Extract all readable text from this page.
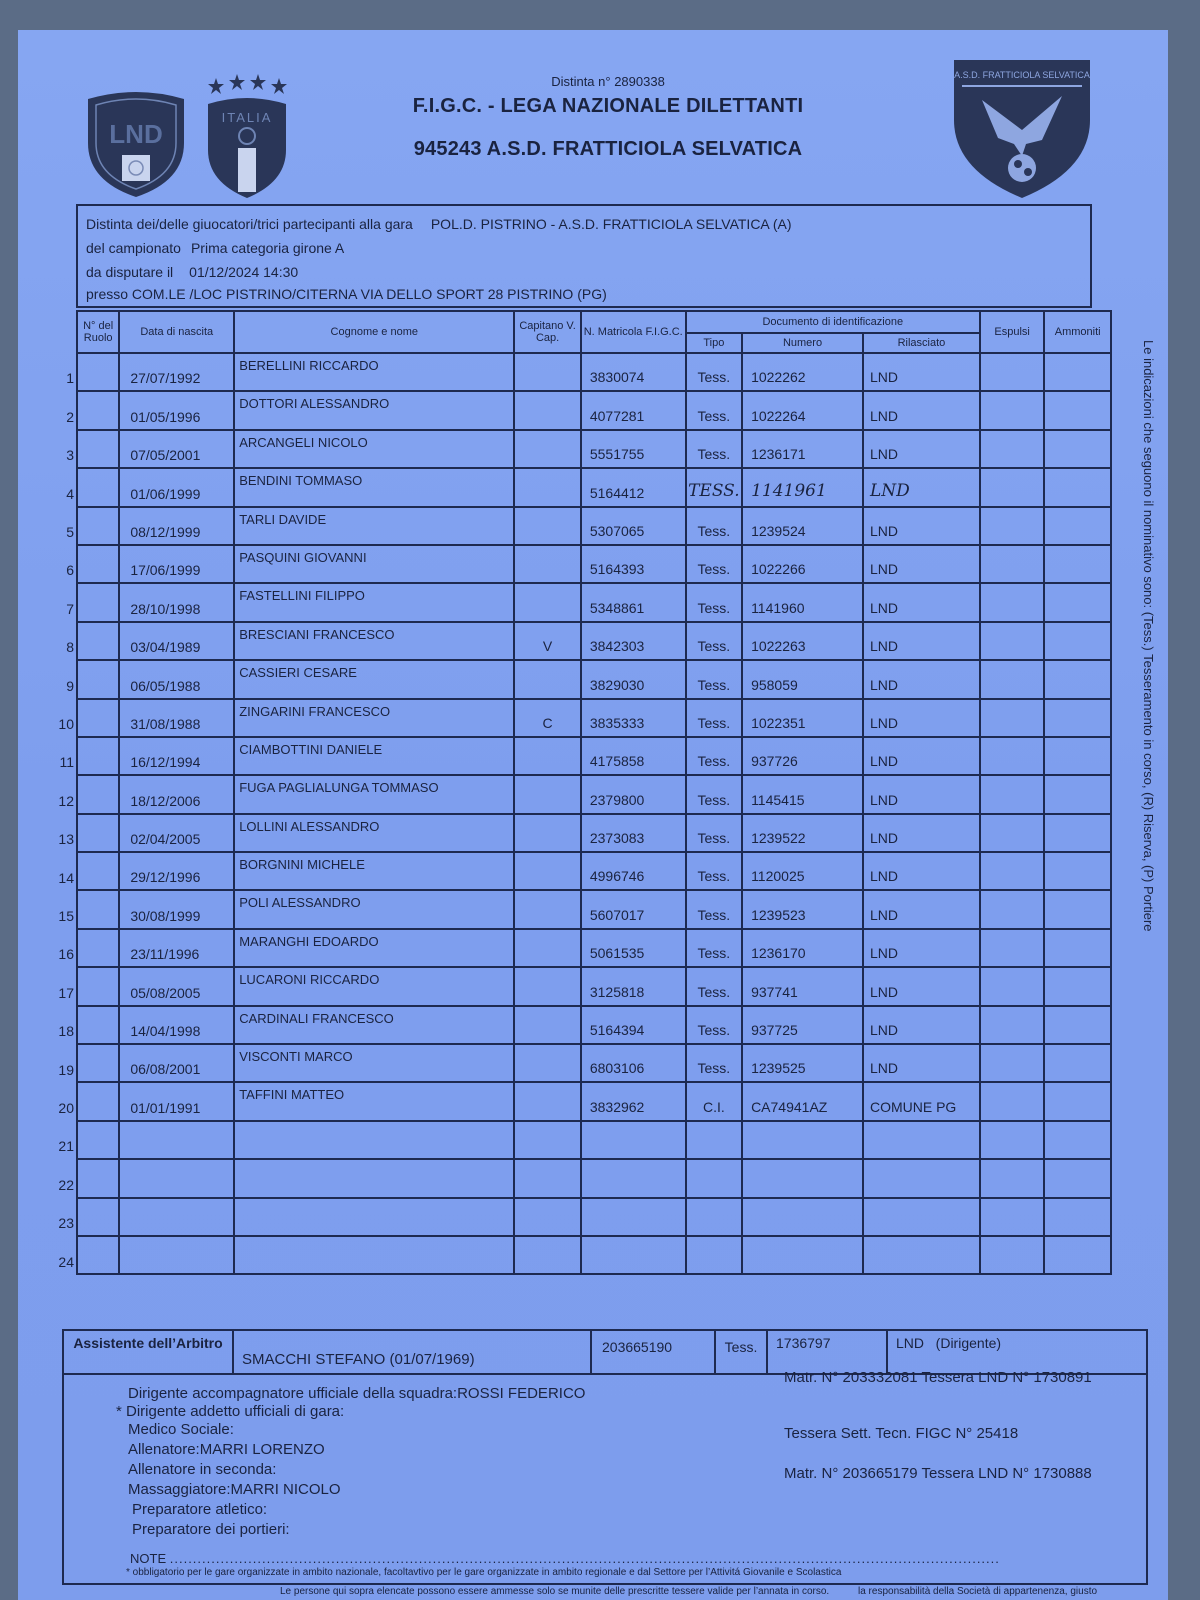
LND
ITALIA
Distinta n° 2890338
F.I.G.C. - LEGA NAZIONALE DILETTANTI
945243 A.S.D. FRATTICIOLA SELVATICA
A.S.D. FRATTICIOLA SELVATICA
Distinta dei/delle giuocatori/trici partecipanti alla gara POL.D. PISTRINO - A.S.D. FRATTICIOLA SELVATICA (A)
del campionato Prima categoria girone A
da disputare il 01/12/2024 14:30
presso COM.LE /LOC PISTRINO/CITERNA VIA DELLO SPORT 28 PISTRINO (PG)
N° del Ruolo	Data di nascita	Cognome e nome	Capitano V. Cap.	N. Matricola F.I.G.C.	Documento di identificazione			Espulsi	Ammoniti
					Tipo	Numero	Rilasciato		
	27/07/1992	BERELLINI RICCARDO		3830074	Tess.	1022262	LND		
	01/05/1996	DOTTORI ALESSANDRO		4077281	Tess.	1022264	LND		
	07/05/2001	ARCANGELI NICOLO		5551755	Tess.	1236171	LND		
	01/06/1999	BENDINI TOMMASO		5164412	TESS.	1141961	LND		
	08/12/1999	TARLI DAVIDE		5307065	Tess.	1239524	LND		
	17/06/1999	PASQUINI GIOVANNI		5164393	Tess.	1022266	LND		
	28/10/1998	FASTELLINI FILIPPO		5348861	Tess.	1141960	LND		
	03/04/1989	BRESCIANI FRANCESCO	V	3842303	Tess.	1022263	LND		
	06/05/1988	CASSIERI CESARE		3829030	Tess.	958059	LND		
	31/08/1988	ZINGARINI FRANCESCO	C	3835333	Tess.	1022351	LND		
	16/12/1994	CIAMBOTTINI DANIELE		4175858	Tess.	937726	LND		
	18/12/2006	FUGA PAGLIALUNGA TOMMASO		2379800	Tess.	1145415	LND		
	02/04/2005	LOLLINI ALESSANDRO		2373083	Tess.	1239522	LND		
	29/12/1996	BORGNINI MICHELE		4996746	Tess.	1120025	LND		
	30/08/1999	POLI ALESSANDRO		5607017	Tess.	1239523	LND		
	23/11/1996	MARANGHI EDOARDO		5061535	Tess.	1236170	LND		
	05/08/2005	LUCARONI RICCARDO		3125818	Tess.	937741	LND		
	14/04/1998	CARDINALI FRANCESCO		5164394	Tess.	937725	LND		
	06/08/2001	VISCONTI MARCO		6803106	Tess.	1239525	LND		
	01/01/1991	TAFFINI MATTEO		3832962	C.I.	CA74941AZ	COMUNE PG		

1
2
3
4
5
6
7
8
9
10
11
12
13
14
15
16
17
18
19
20
21
22
23
24
Assistente dell’Arbitro
SMACCHI STEFANO (01/07/1969)
203665190	Tess.	1736797	LND   (Dirigente)
Dirigente accompagnatore ufficiale della squadra:ROSSI FEDERICO
Matr. N° 203332081 Tessera LND N° 1730891
* Dirigente addetto ufficiali di gara:
Medico Sociale:
Allenatore:MARRI LORENZO
Tessera Sett. Tecn. FIGC N° 25418
Allenatore in seconda:
Massaggiatore:MARRI NICOLO
Matr. N° 203665179 Tessera LND N° 1730888
Preparatore atletico:
Preparatore dei portieri:
NOTE ....................................................................................................................................................................................
* obbligatorio per le gare organizzate in ambito nazionale, facoltavtivo per le gare organizzate in ambito regionale e dal Settore per l’Attivitá Giovanile e Scolastica
Le persone qui sopra elencate possono essere ammesse solo se munite delle prescritte tessere valide per l’annata in corso.	la responsabilità della Società di appartenenza, giusto
Le indicazioni che seguono il nominativo sono: (Tess.) Tesseramento in corso, (R) Riserva, (P) Portiere
